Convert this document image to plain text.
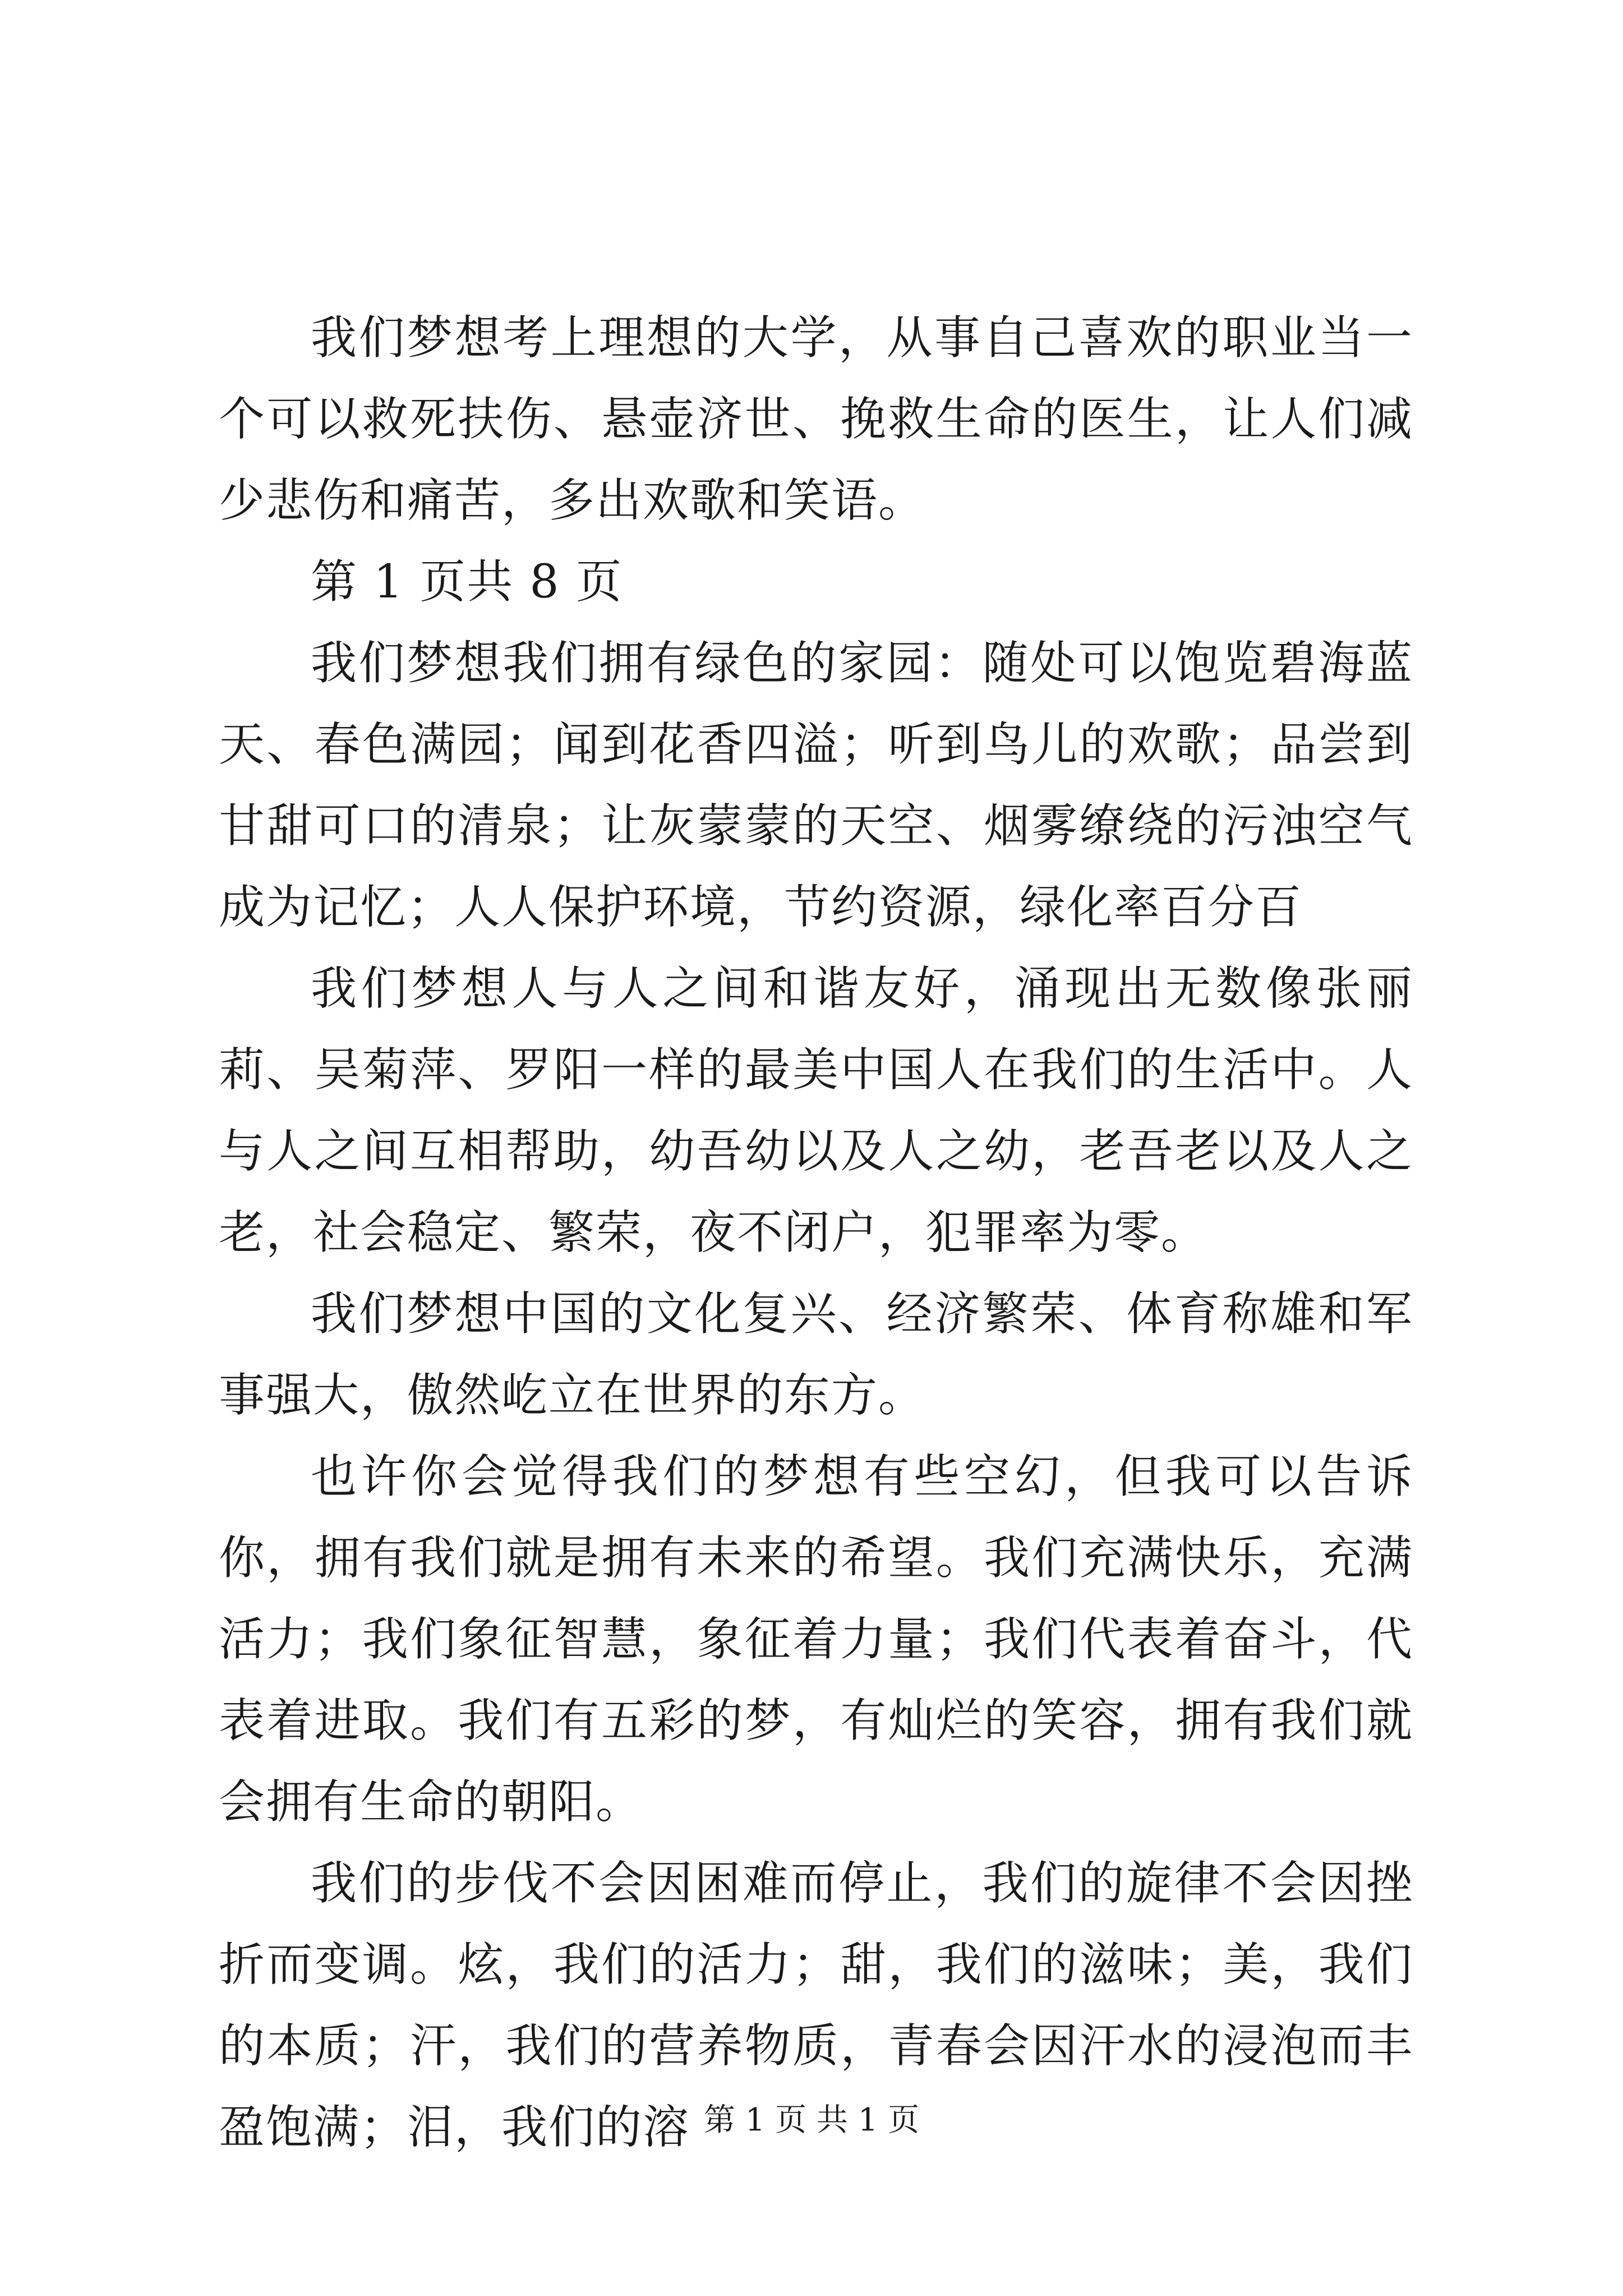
我们梦想考上理想的大学，从事自己喜欢的职业当一个可以救死扶伤、悬壶济世、挽救生命的医生，让人们减少悲伤和痛苦，多出欢歌和笑语。

第 1 页共 8 页

我们梦想我们拥有绿色的家园：随处可以饱览碧海蓝天、春色满园；闻到花香四溢；听到鸟儿的欢歌；品尝到甘甜可口的清泉；让灰蒙蒙的天空、烟雾缭绕的污浊空气成为记忆；人人保护环境，节约资源，绿化率百分百

我们梦想人与人之间和谐友好，涌现出无数像张丽莉、吴菊萍、罗阳一样的最美中国人在我们的生活中。人与人之间互相帮助，幼吾幼以及人之幼，老吾老以及人之老，社会稳定、繁荣，夜不闭户，犯罪率为零。

我们梦想中国的文化复兴、经济繁荣、体育称雄和军事强大，傲然屹立在世界的东方。

也许你会觉得我们的梦想有些空幻，但我可以告诉你，拥有我们就是拥有未来的希望。我们充满快乐，充满活力；我们象征智慧，象征着力量；我们代表着奋斗，代表着进取。我们有五彩的梦，有灿烂的笑容，拥有我们就会拥有生命的朝阳。

我们的步伐不会因困难而停止，我们的旋律不会因挫折而变调。炫，我们的活力；甜，我们的滋味；美，我们的本质；汗，我们的营养物质，青春会因汗水的浸泡而丰盈饱满；泪，我们的溶 第 1 页 共 1 页
